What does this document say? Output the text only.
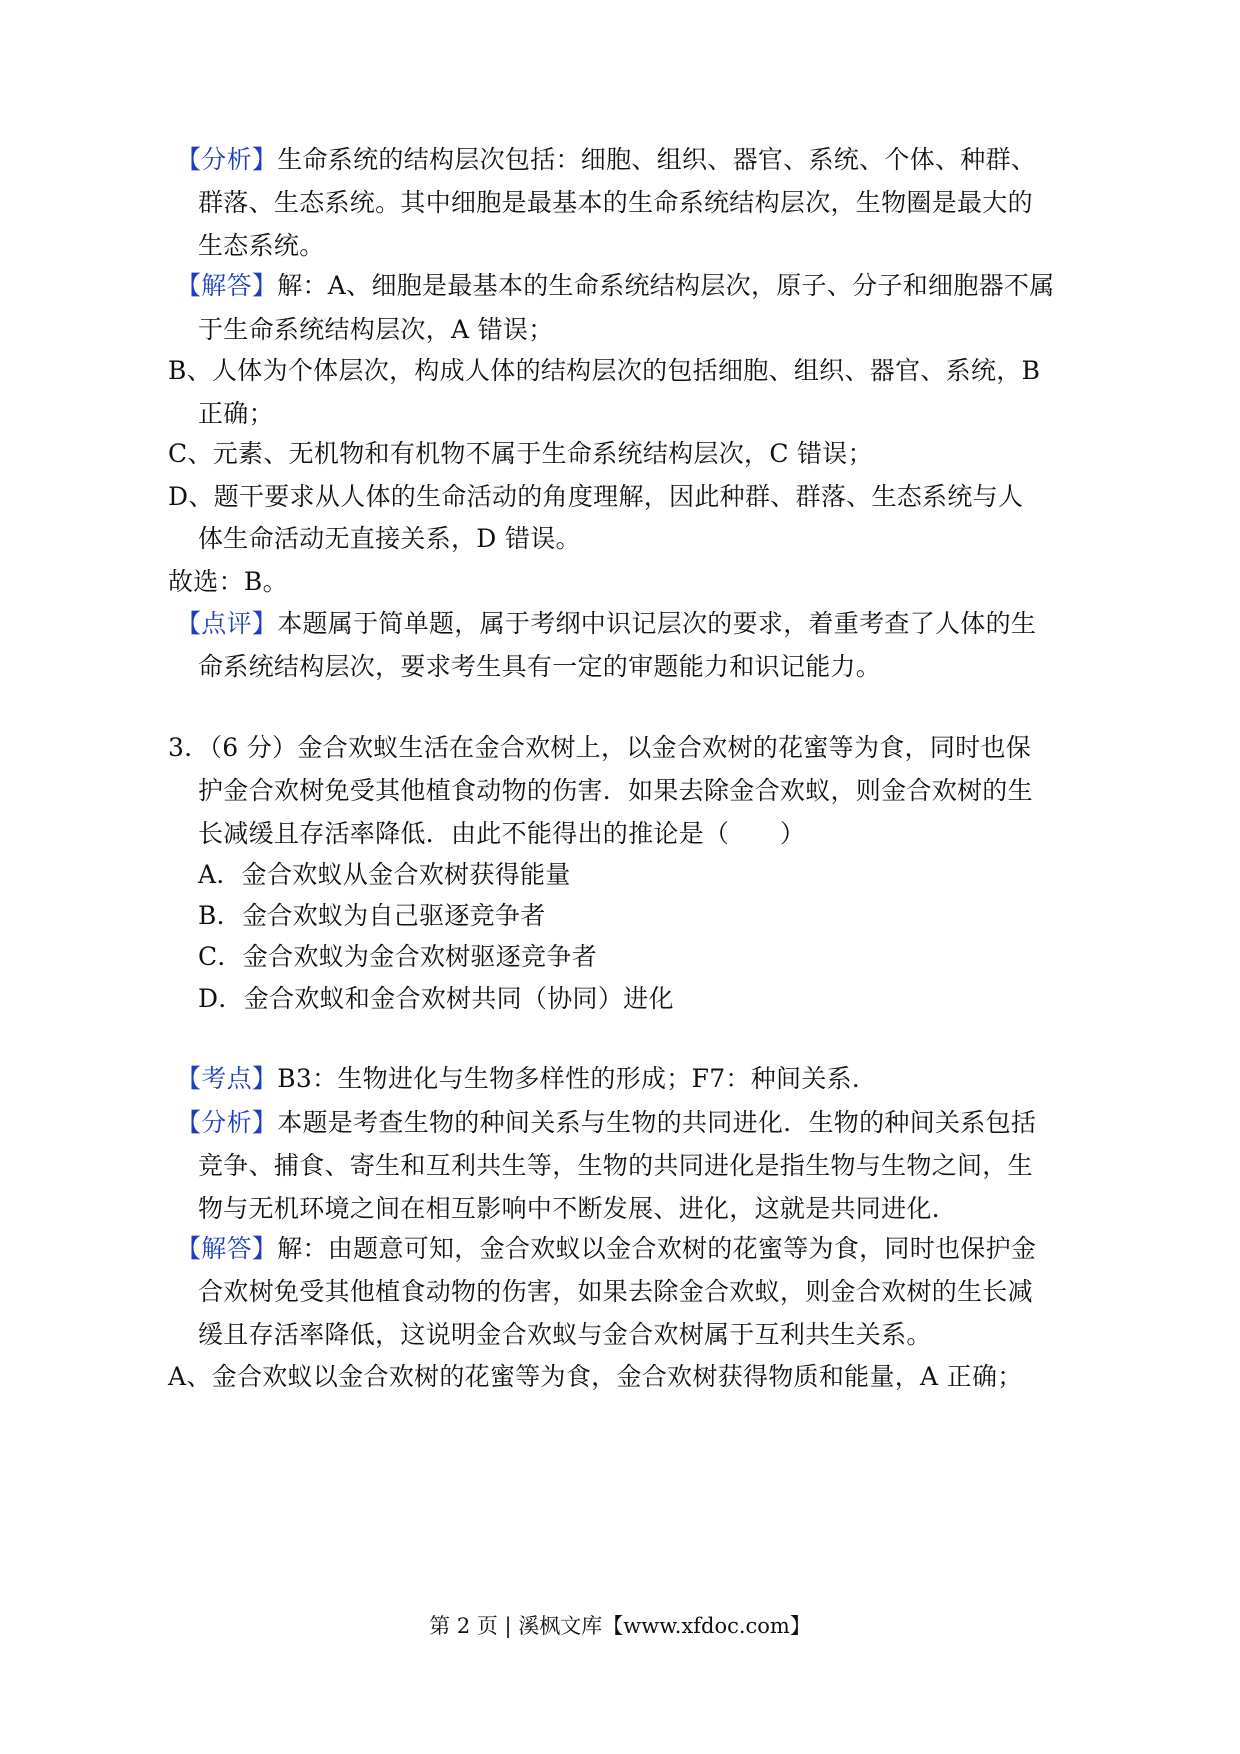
【分析】生命系统的结构层次包括：细胞、组织、器官、系统、个体、种群、
群落、生态系统。其中细胞是最基本的生命系统结构层次，生物圈是最大的
生态系统。
【解答】解：A、细胞是最基本的生命系统结构层次，原子、分子和细胞器不属
于生命系统结构层次，A 错误；
B、人体为个体层次，构成人体的结构层次的包括细胞、组织、器官、系统，B
正确；
C、元素、无机物和有机物不属于生命系统结构层次，C 错误；
D、题干要求从人体的生命活动的角度理解，因此种群、群落、生态系统与人
体生命活动无直接关系，D 错误。
故选：B。
【点评】本题属于简单题，属于考纲中识记层次的要求，着重考查了人体的生
命系统结构层次，要求考生具有一定的审题能力和识记能力。
3．（6 分）金合欢蚁生活在金合欢树上，以金合欢树的花蜜等为食，同时也保
护金合欢树免受其他植食动物的伤害．如果去除金合欢蚁，则金合欢树的生
长减缓且存活率降低．由此不能得出的推论是（　　）
A．金合欢蚁从金合欢树获得能量
B．金合欢蚁为自己驱逐竞争者
C．金合欢蚁为金合欢树驱逐竞争者
D．金合欢蚁和金合欢树共同（协同）进化
【考点】B3：生物进化与生物多样性的形成；F7：种间关系．
【分析】本题是考查生物的种间关系与生物的共同进化．生物的种间关系包括
竞争、捕食、寄生和互利共生等，生物的共同进化是指生物与生物之间，生
物与无机环境之间在相互影响中不断发展、进化，这就是共同进化．
【解答】解：由题意可知，金合欢蚁以金合欢树的花蜜等为食，同时也保护金
合欢树免受其他植食动物的伤害，如果去除金合欢蚁，则金合欢树的生长减
缓且存活率降低，这说明金合欢蚁与金合欢树属于互利共生关系。
A、金合欢蚁以金合欢树的花蜜等为食，金合欢树获得物质和能量，A 正确；
第 2 页 | 溪枫文库【www.xfdoc.com】
